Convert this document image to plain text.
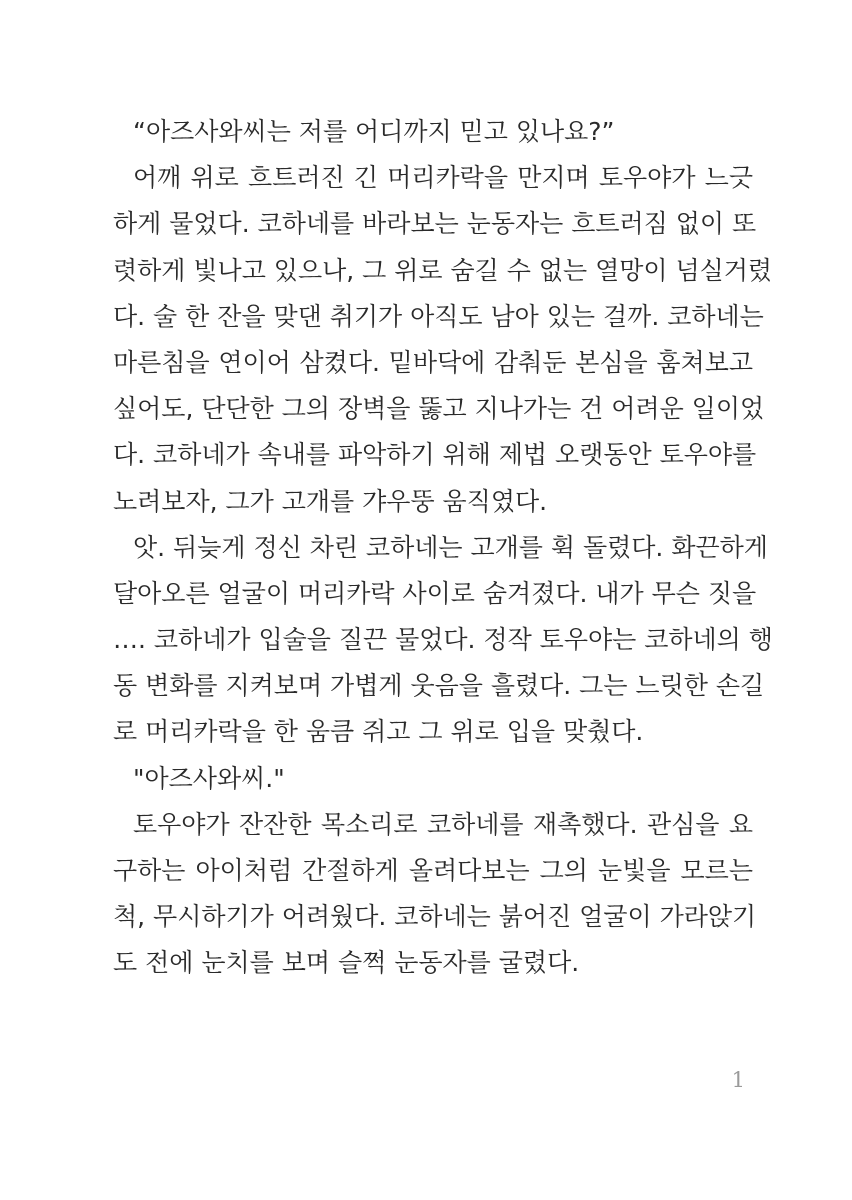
“아즈사와씨는 저를 어디까지 믿고 있나요?”
어깨 위로 흐트러진 긴 머리카락을 만지며 토우야가 느긋
하게 물었다. 코하네를 바라보는 눈동자는 흐트러짐 없이 또
렷하게 빛나고 있으나, 그 위로 숨길 수 없는 열망이 넘실거렸
다. 술 한 잔을 맞댄 취기가 아직도 남아 있는 걸까. 코하네는
마른침을 연이어 삼켰다. 밑바닥에 감춰둔 본심을 훔쳐보고
싶어도, 단단한 그의 장벽을 뚫고 지나가는 건 어려운 일이었
다. 코하네가 속내를 파악하기 위해 제법 오랫동안 토우야를
노려보자, 그가 고개를 갸우뚱 움직였다.
앗. 뒤늦게 정신 차린 코하네는 고개를 휙 돌렸다. 화끈하게
달아오른 얼굴이 머리카락 사이로 숨겨졌다. 내가 무슨 짓을
…. 코하네가 입술을 질끈 물었다. 정작 토우야는 코하네의 행
동 변화를 지켜보며 가볍게 웃음을 흘렸다. 그는 느릿한 손길
로 머리카락을 한 움큼 쥐고 그 위로 입을 맞췄다.
"아즈사와씨."
토우야가 잔잔한 목소리로 코하네를 재촉했다. 관심을 요
구하는 아이처럼 간절하게 올려다보는 그의 눈빛을 모르는
척, 무시하기가 어려웠다. 코하네는 붉어진 얼굴이 가라앉기
도 전에 눈치를 보며 슬쩍 눈동자를 굴렸다.
1
